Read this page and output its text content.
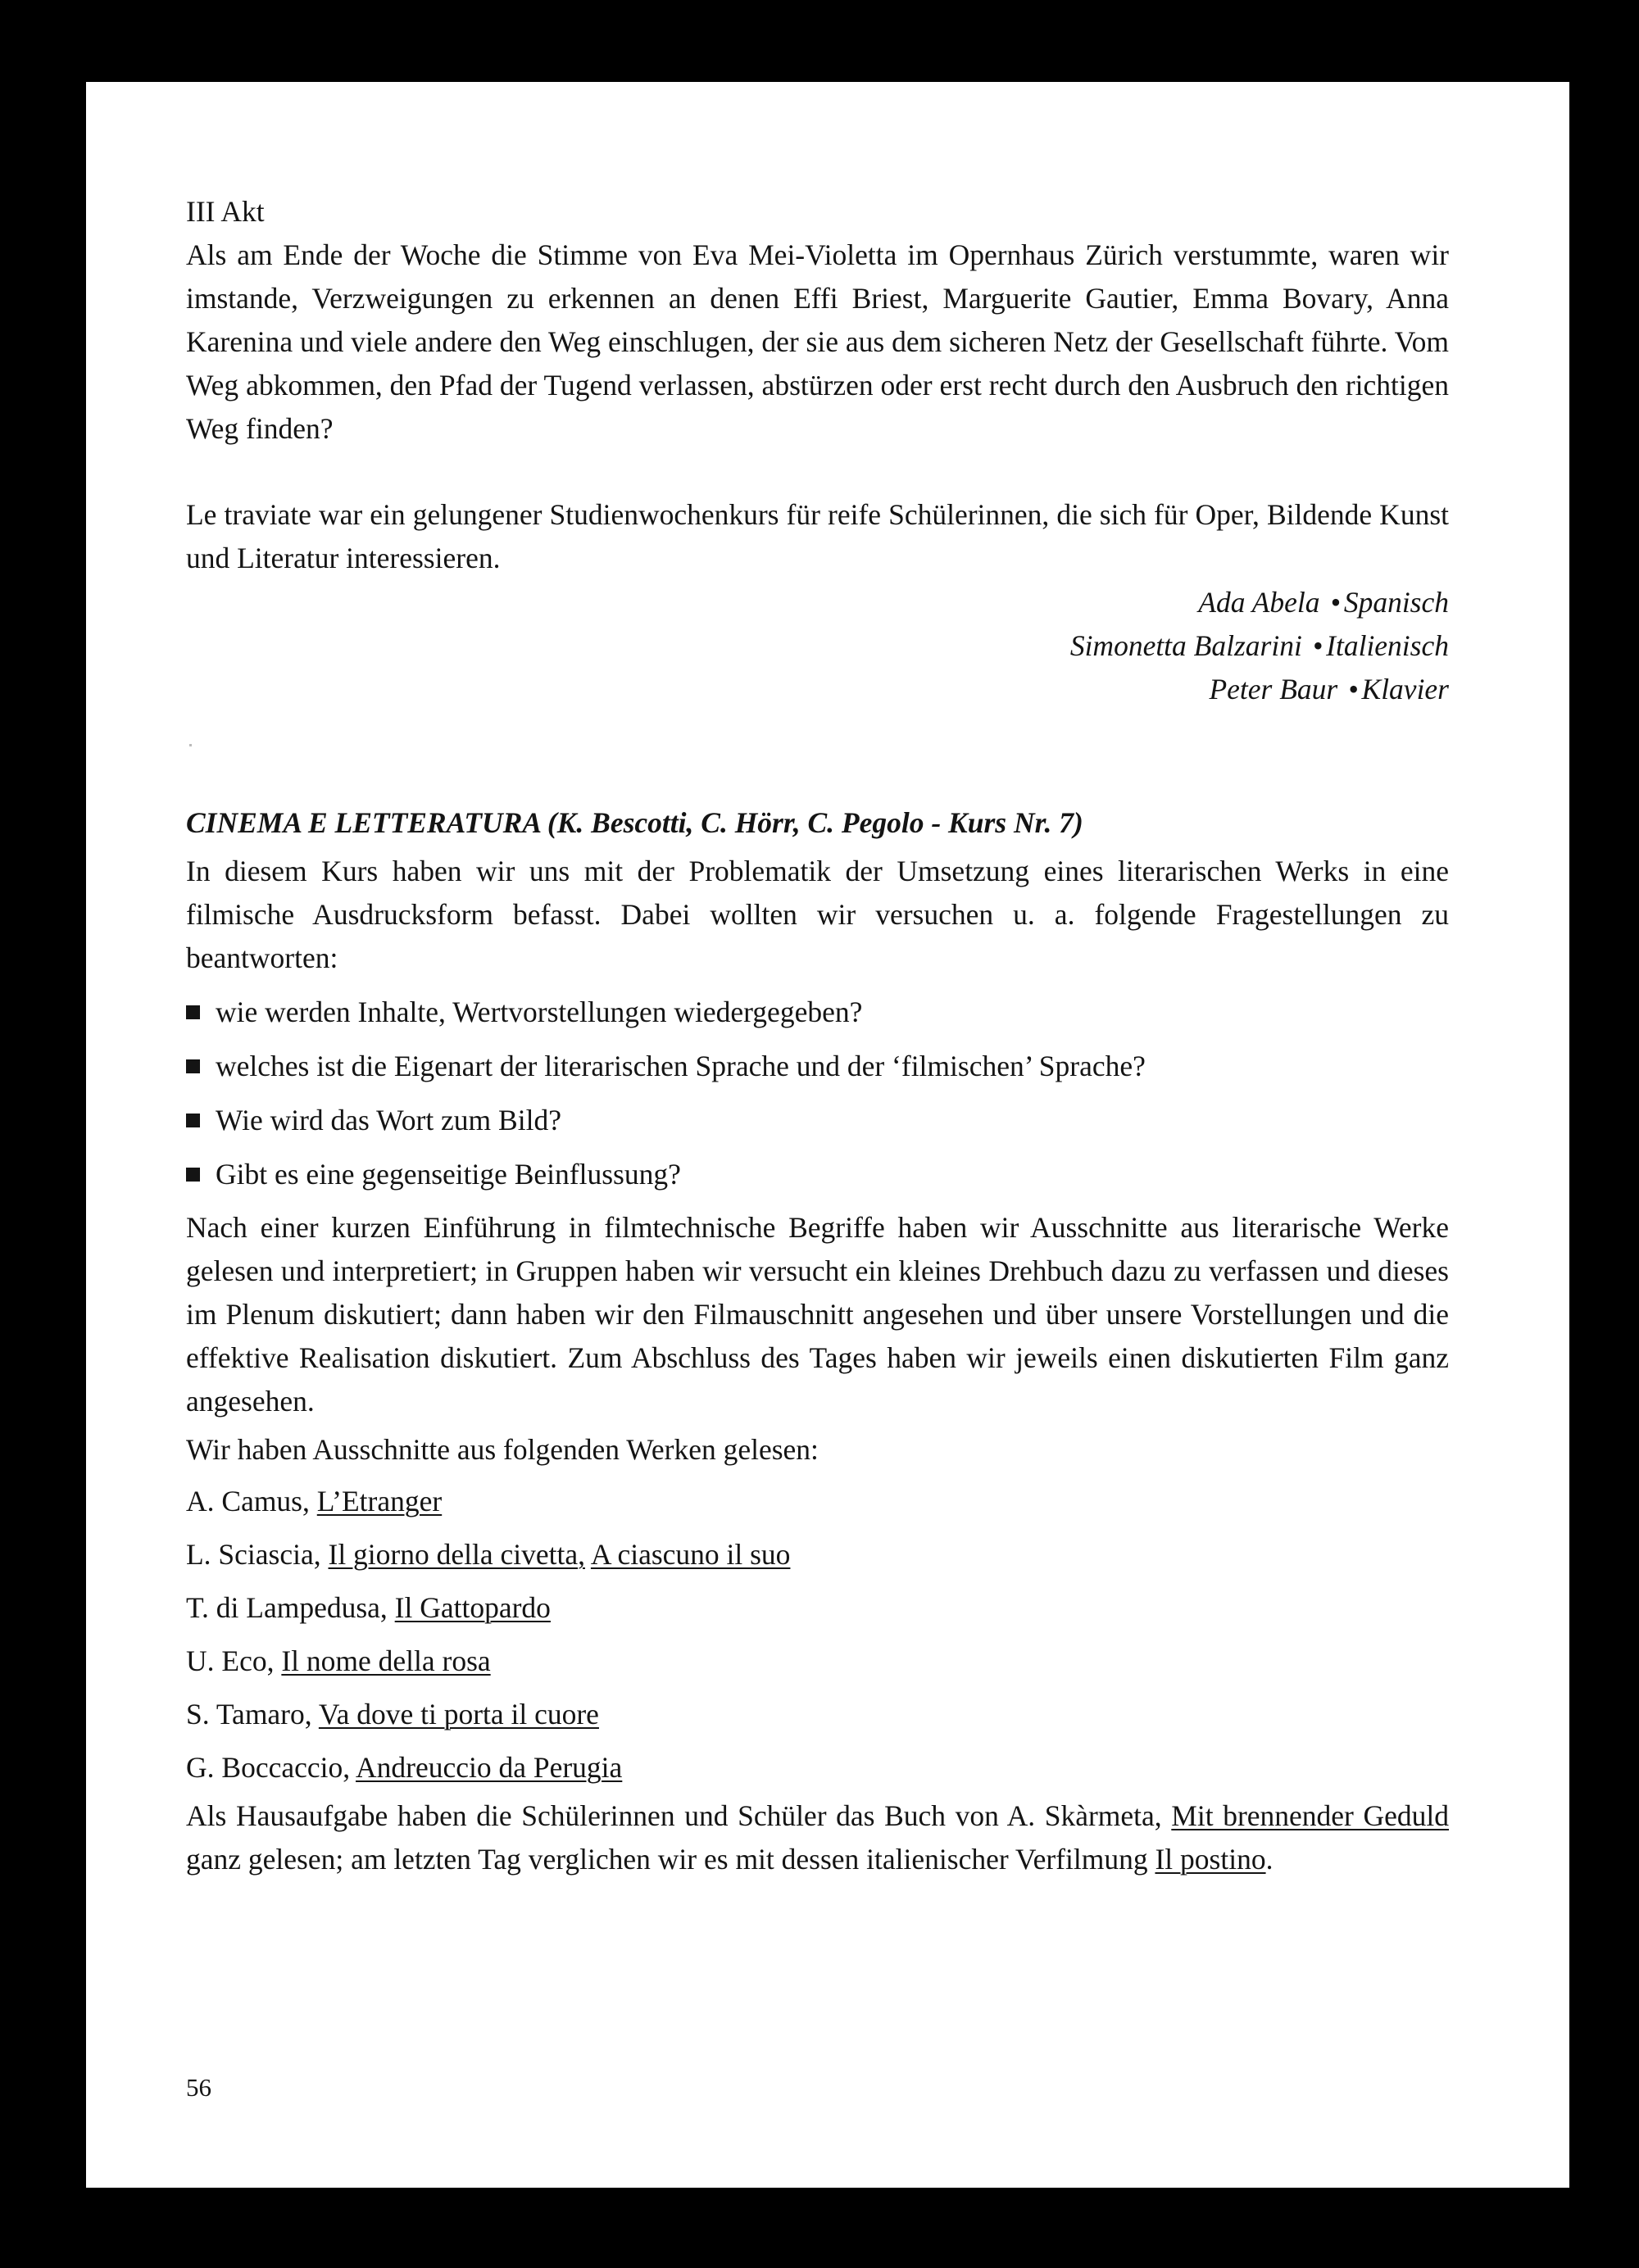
III Akt

Als am Ende der Woche die Stimme von Eva Mei-Violetta im Opernhaus Zürich verstummte, waren wir imstande, Verzweigungen zu erkennen an denen Effi Briest, Marguerite Gautier, Emma Bovary, Anna Karenina und viele andere den Weg einschlugen, der sie aus dem sicheren Netz der Gesellschaft führte. Vom Weg abkommen, den Pfad der Tugend verlassen, abstürzen oder erst recht durch den Ausbruch den richtigen Weg finden?

Le traviate war ein gelungener Studienwochenkurs für reife Schülerinnen, die sich für Oper, Bildende Kunst und Literatur interessieren.

Ada Abela • Spanisch
Simonetta Balzarini • Italienisch
Peter Baur • Klavier

CINEMA E LETTERATURA (K. Bescotti, C. Hörr, C. Pegolo - Kurs Nr. 7)

In diesem Kurs haben wir uns mit der Problematik der Umsetzung eines literarischen Werks in eine filmische Ausdrucksform befasst. Dabei wollten wir versuchen u. a. folgende Fragestellungen zu beantworten:

wie werden Inhalte, Wertvorstellungen wiedergegeben?
welches ist die Eigenart der literarischen Sprache und der ‘filmischen’ Sprache?
Wie wird das Wort zum Bild?
Gibt es eine gegenseitige Beinflussung?

Nach einer kurzen Einführung in filmtechnische Begriffe haben wir Ausschnitte aus literarische Werke gelesen und interpretiert; in Gruppen haben wir versucht ein kleines Drehbuch dazu zu verfassen und dieses im Plenum diskutiert; dann haben wir den Filmauschnitt angesehen und über unsere Vorstellungen und die effektive Realisation diskutiert. Zum Abschluss des Tages haben wir jeweils einen diskutierten Film ganz angesehen.

Wir haben Ausschnitte aus folgenden Werken gelesen:

A. Camus, L’Etranger
L. Sciascia, Il giorno della civetta, A ciascuno il suo
T. di Lampedusa, Il Gattopardo
U. Eco, Il nome della rosa
S. Tamaro, Va dove ti porta il cuore
G. Boccaccio, Andreuccio da Perugia

Als Hausaufgabe haben die Schülerinnen und Schüler das Buch von A. Skàrmeta, Mit brennender Geduld ganz gelesen; am letzten Tag verglichen wir es mit dessen italienischer Verfilmung Il postino.

56
